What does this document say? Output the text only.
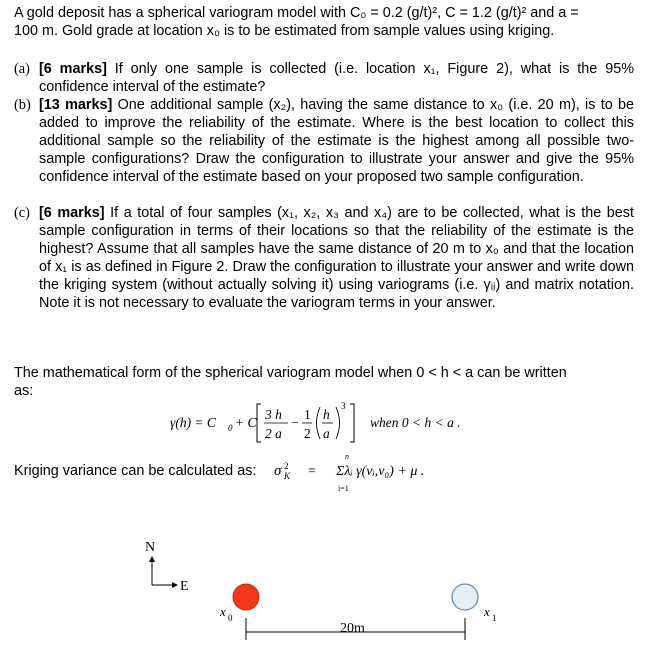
A gold deposit has a spherical variogram model with C₀ = 0.2 (g/t)², C = 1.2 (g/t)² and a =
100 m. Gold grade at location x₀ is to be estimated from sample values using kriging.
(a) [6 marks] If only one sample is collected (i.e. location x₁, Figure 2), what is the 95% confidence interval of the estimate?
(b) [13 marks] One additional sample (x₂), having the same distance to x₀ (i.e. 20 m), is to be added to improve the reliability of the estimate. Where is the best location to collect this additional sample so the reliability of the estimate is the highest among all possible two-sample configurations? Draw the configuration to illustrate your answer and give the 95% confidence interval of the estimate based on your proposed two sample configuration.
(c) [6 marks] If a total of four samples (x₁, x₂, x₃ and x₄) are to be collected, what is the best sample configuration in terms of their locations so that the reliability of the estimate is the highest? Assume that all samples have the same distance of 20 m to x₀ and that the location of x₁ is as defined in Figure 2. Draw the configuration to illustrate your answer and write down the kriging system (without actually solving it) using variograms (i.e. γᵢⱼ) and matrix notation. Note it is not necessary to evaluate the variogram terms in your answer.
The mathematical form of the spherical variogram model when 0 < h < a can be written
as:
γ(h) = C 0 + C
3 h
2 a
−
1
2
h
a
3
when 0 < h < a .
Kriging variance can be calculated as: σ 2
K =
n
i=1
Σλᵢ γ(vᵢ,v₀) + μ .
N
E
x 0	x 1
20m
